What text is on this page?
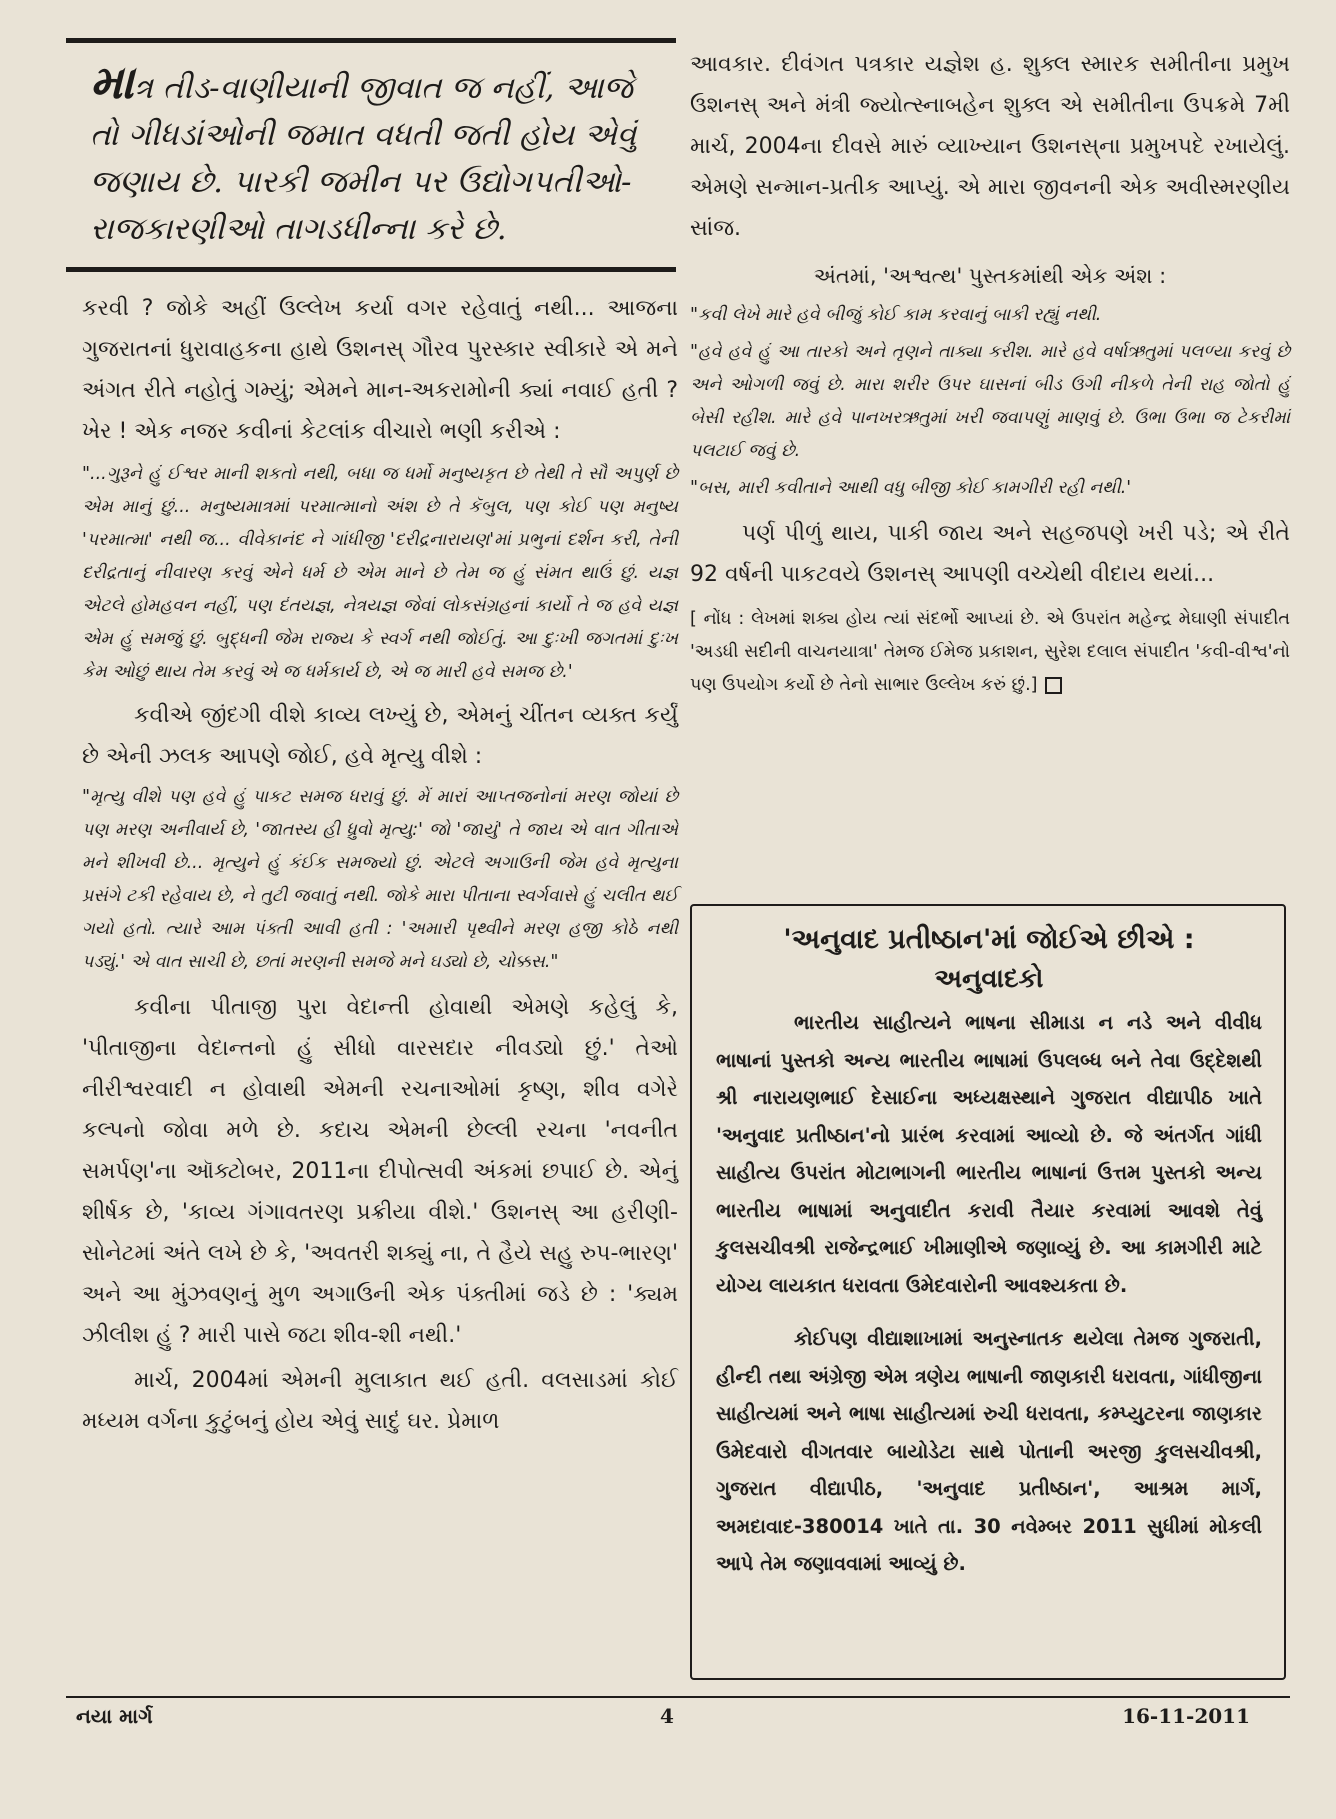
માત્ર તીડ-વાણીયાની જીવાત જ નહીં, આજે તો ગીધડાંઓની જમાત વધતી જતી હોય એવું જણાય છે. પારકી જમીન પર ઉદ્યોગપતીઓ-રાજકારણીઓ તાગડધીન્ના કરે છે.

કરવી ? જોકે અહીં ઉલ્લેખ કર્યા વગર રહેવાતું નથી... આજના ગુજરાતનાં ધુરાવાહકના હાથે ઉશનસ્ ગૌરવ પુરસ્કાર સ્વીકારે એ મને અંગત રીતે નહોતું ગમ્યું; એમને માન-અકરામોની ક્યાં નવાઈ હતી ? ખેર ! એક નજર કવીનાં કેટલાંક વીચારો ભણી કરીએ :

"...ગુરૂને હું ઈશ્વર માની શકતો નથી, બધા જ ધર્મો મનુષ્યકૃત છે તેથી તે સૌ અપુર્ણ છે એમ માનું છું... મનુષ્યમાત્રમાં પરમાત્માનો અંશ છે તે કૅબુલ, પણ કોઈ પણ મનુષ્ય 'પરમાત્મા' નથી જ... વીવેકાનંદ ને ગાંધીજી 'દરીદ્રનારાયણ'માં પ્રભુનાં દર્શન કરી, તેની દરીદ્રતાનું નીવારણ કરવું એને ધર્મ છે એમ માને છે તેમ જ હું સંમત થાઉં છું. યજ્ઞ એટલે હોમહવન નહીં, પણ દંતયજ્ઞ, નેત્રયજ્ઞ જેવાં લોકસંગ્રહનાં કાર્યો તે જ હવે યજ્ઞ એમ હું સમજું છું. બુદ્ધની જેમ રાજ્ય કે સ્વર્ગ નથી જોઈતું. આ દુઃખી જગતમાં દુઃખ કેમ ઓછું થાય તેમ કરવું એ જ ધર્મકાર્ય છે, એ જ મારી હવે સમજ છે.'

કવીએ જીંદગી વીશે કાવ્ય લખ્યું છે, એમનું ચીંતન વ્યક્ત કર્યું છે એની ઝલક આપણે જોઈ, હવે મૃત્યુ વીશે :

"મૃત્યુ વીશે પણ હવે હું પાકટ સમજ ધરાવું છું. મેં મારાં આપ્તજનોનાં મરણ જોયાં છે પણ મરણ અનીવાર્ય છે, 'જાતસ્ય હી ધ્રુવો મૃત્યુ:' જો 'જાયું' તે જાય એ વાત ગીતાએ મને શીખવી છે... મૃત્યુને હું કંઈક સમજ્યો છું. એટલે અગાઉની જેમ હવે મૃત્યુના પ્રસંગે ટકી રહેવાય છે, ને તુટી જવાતું નથી. જોકે મારા પીતાના સ્વર્ગવાસે હું ચલીત થઈ ગયો હતો. ત્યારે આમ પંક્તી આવી હતી : 'અમારી પૃથ્વીને મરણ હજી કોઠે નથી પડ્યું.' એ વાત સાચી છે, છતાં મરણની સમજે મને ઘડ્યો છે, ચોક્કસ."

કવીના પીતાજી પુરા વેદાન્તી હોવાથી એમણે કહેલું કે, 'પીતાજીના વેદાન્તનો હું સીધો વારસદાર નીવડ્યો છું.' તેઓ નીરીશ્વરવાદી ન હોવાથી એમની રચનાઓમાં કૃષ્ણ, શીવ વગેરે કલ્પનો જોવા મળે છે. કદાચ એમની છેલ્લી રચના 'નવનીત સમર્પણ'ના ઑક્ટોબર, 2011ના દીપોત્સવી અંકમાં છપાઈ છે. એનું શીર્ષક છે, 'કાવ્ય ગંગાવતરણ પ્રક્રીયા વીશે.' ઉશનસ્ આ હરીણી-સોનેટમાં અંતે લખે છે કે, 'અવતરી શક્યું ના, તે હૈયે સહુ રુપ-ભારણ' અને આ મુંઝવણનું મુળ અગાઉની એક પંક્તીમાં જડે છે : 'ક્યમ ઝીલીશ હું ? મારી પાસે જટા શીવ-શી નથી.'

માર્ચ, 2004માં એમની મુલાકાત થઈ હતી. વલસાડમાં કોઈ મધ્યમ વર્ગના કુટુંબનું હોય એવું સાદું ઘર. પ્રેમાળ

આવકાર. દીવંગત પત્રકાર યજ્ઞેશ હ. શુક્લ સ્મારક સમીતીના પ્રમુખ ઉશનસ્ અને મંત્રી જ્યોત્સ્નાબહેન શુક્લ એ સમીતીના ઉપક્રમે 7મી માર્ચ, 2004ના દીવસે મારું વ્યાખ્યાન ઉશનસ્‌ના પ્રમુખપદે રખાયેલું. એમણે સન્માન-પ્રતીક આપ્યું. એ મારા જીવનની એક અવીસ્મરણીય સાંજ.

અંતમાં, 'અશ્વત્થ' પુસ્તકમાંથી એક અંશ :

"કવી લેખે મારે હવે બીજું કોઈ કામ કરવાનું બાકી રહ્યું નથી.

"હવે હવે હું આ તારકો અને તૃણને તાક્યા કરીશ. મારે હવે વર્ષાઋતુમાં પલળ્યા કરવું છે અને ઓગળી જવું છે. મારા શરીર ઉપર ઘાસનાં બીડ ઉગી નીકળે તેની રાહ જોતો હું બેસી રહીશ. મારે હવે પાનખરઋતુમાં ખરી જવાપણું માણવું છે. ઉભા ઉભા જ ટેકરીમાં પલટાઈ જવું છે.

"બસ, મારી કવીતાને આથી વધુ બીજી કોઈ કામગીરી રહી નથી.'

પર્ણ પીળું થાય, પાકી જાય અને સહજપણે ખરી પડે; એ રીતે 92 વર્ષની પાકટવયે ઉશનસ્ આપણી વચ્ચેથી વીદાય થયાં...

[ નોંધ : લેખમાં શક્ય હોય ત્યાં સંદર્ભો આપ્યાં છે. એ ઉપરાંત મહેન્દ્ર મેઘાણી સંપાદીત 'અડધી સદીની વાચનયાત્રા' તેમજ ઈમેજ પ્રકાશન, સુરેશ દલાલ સંપાદીત 'કવી-વીશ્વ'નો પણ ઉપયોગ કર્યો છે તેનો સાભાર ઉલ્લેખ કરું છું.]

'અનુવાદ પ્રતીષ્ઠાન'માં જોઈએ છીએ :

અનુવાદકો

ભારતીય સાહીત્યને ભાષના સીમાડા ન નડે અને વીવીધ ભાષાનાં પુસ્તકો અન્ય ભારતીય ભાષામાં ઉપલબ્ધ બને તેવા ઉદ્દેશથી શ્રી નારાયણભાઈ દેસાઈના અધ્યક્ષસ્થાને ગુજરાત વીદ્યાપીઠ ખાતે 'અનુવાદ પ્રતીષ્ઠાન'નો પ્રારંભ કરવામાં આવ્યો છે. જે અંતર્ગત ગાંધી સાહીત્ય ઉપરાંત મોટાભાગની ભારતીય ભાષાનાં ઉત્તમ પુસ્તકો અન્ય ભારતીય ભાષામાં અનુવાદીત કરાવી તૈયાર કરવામાં આવશે તેવું કુલસચીવશ્રી રાજેન્દ્રભાઈ ખીમાણીએ જણાવ્યું છે. આ કામગીરી માટે યોગ્ય લાયકાત ધરાવતા ઉમેદવારોની આવશ્યકતા છે.

કોઈપણ વીદ્યાશાખામાં અનુસ્નાતક થયેલા તેમજ ગુજરાતી, હીન્દી તથા અંગ્રેજી એમ ત્રણેય ભાષાની જાણકારી ધરાવતા, ગાંધીજીના સાહીત્યમાં અને ભાષા સાહીત્યમાં રુચી ધરાવતા, કમ્પ્યુટરના જાણકાર ઉમેદવારો વીગતવાર બાયોડેટા સાથે પોતાની અરજી કુલસચીવશ્રી, ગુજરાત વીદ્યાપીઠ, 'અનુવાદ પ્રતીષ્ઠાન', આશ્રમ માર્ગ, અમદાવાદ-380014 ખાતે તા. 30 નવેમ્બર 2011 સુધીમાં મોકલી આપે તેમ જણાવવામાં આવ્યું છે.

નયા માર્ગ	4	16-11-2011
